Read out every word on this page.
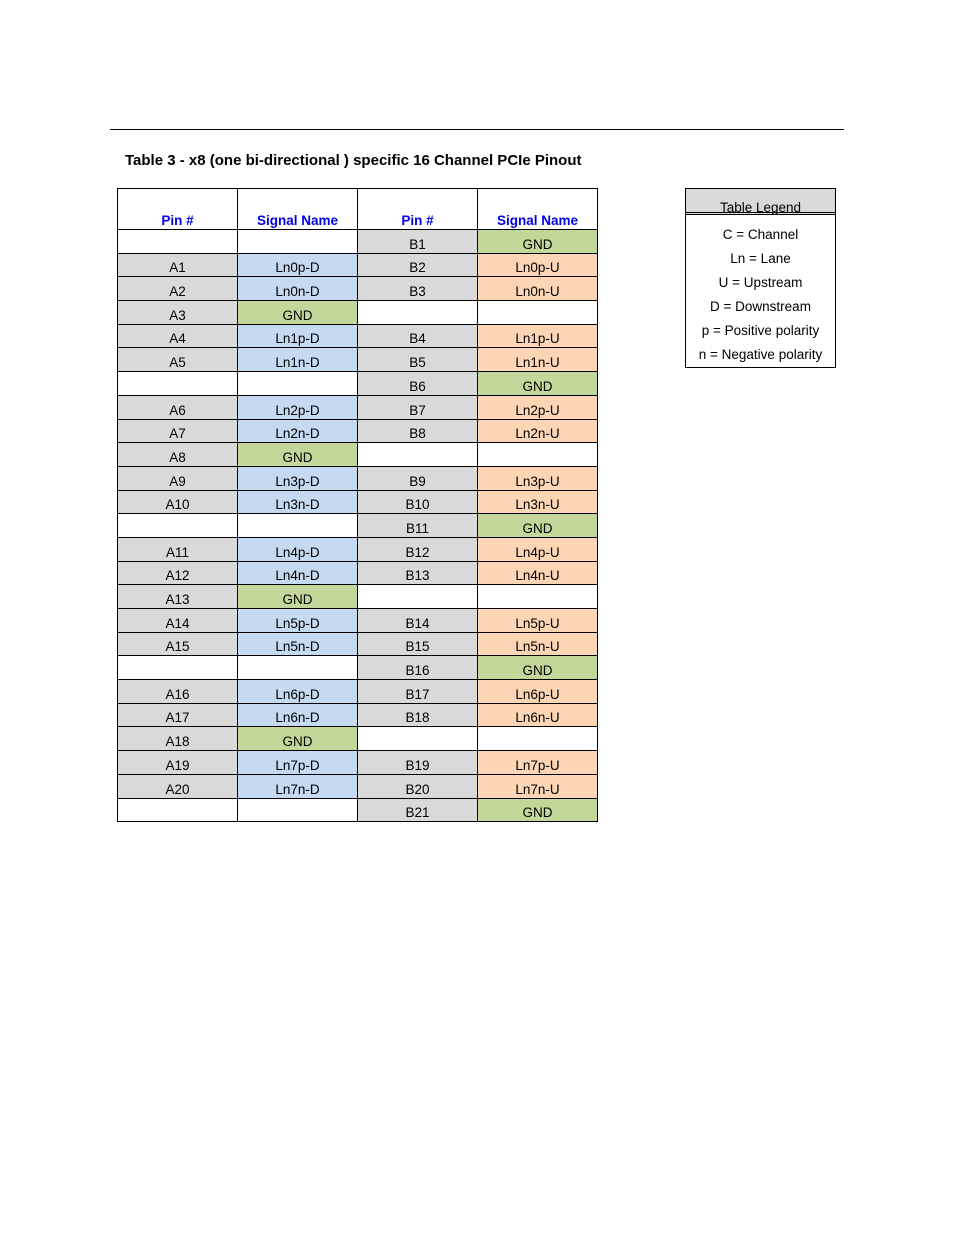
Table 3 - x8 (one bi-directional ) specific 16 Channel PCIe Pinout
Pin #	Signal Name	Pin #	Signal Name
		B1	GND
A1	Ln0p-D	B2	Ln0p-U
A2	Ln0n-D	B3	Ln0n-U
A3	GND		
A4	Ln1p-D	B4	Ln1p-U
A5	Ln1n-D	B5	Ln1n-U
		B6	GND
A6	Ln2p-D	B7	Ln2p-U
A7	Ln2n-D	B8	Ln2n-U
A8	GND		
A9	Ln3p-D	B9	Ln3p-U
A10	Ln3n-D	B10	Ln3n-U
		B11	GND
A11	Ln4p-D	B12	Ln4p-U
A12	Ln4n-D	B13	Ln4n-U
A13	GND		
A14	Ln5p-D	B14	Ln5p-U
A15	Ln5n-D	B15	Ln5n-U
		B16	GND
A16	Ln6p-D	B17	Ln6p-U
A17	Ln6n-D	B18	Ln6n-U
A18	GND		
A19	Ln7p-D	B19	Ln7p-U
A20	Ln7n-D	B20	Ln7n-U
		B21	GND
Table Legend
C = Channel
Ln = Lane
U = Upstream
D = Downstream
p = Positive polarity
n = Negative polarity
